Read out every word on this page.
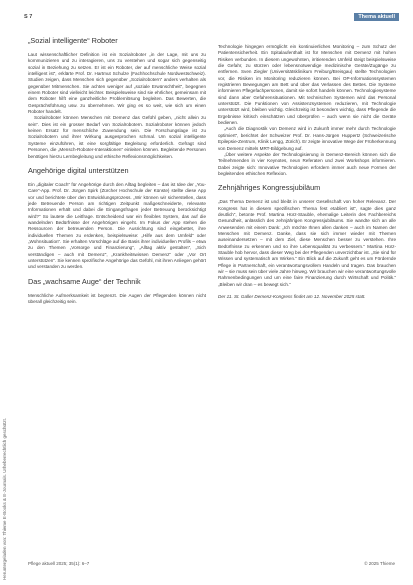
Heruntergeladen von: Thieme E-Books & E-Journals. Urheberrechtlich geschützt.
S 7	Thema aktuell
„Sozial intelligente“ Roboter

Laut wissenschaftlicher Definition ist ein Sozialroboter „in der Lage, mit uns zu kommunizieren und zu interagieren, uns zu verstehen und sogar sich gegenseitig sozial in Beziehung zu setzen. Er ist ein Roboter, der auf menschliche Weise sozial intelligent ist“, erklärte Prof. Dr. Hartmut Schulze (Fachhochschule Nordwestschweiz). Studien zeigen, dass Menschen sich gegenüber „Sozialrobotern“ anders verhalten als gegenüber Mitmenschen. Sie achten weniger auf „soziale Erwünschtheit“, begegnen einem Roboter sind vielleicht leichter. Beispielsweise sind sie ehrlicher, gemeinsam mit dem Roboter hilft eine ganzheitliche Problemlösung begleiten. Das Bewerten, die Gesprächsführung usw. zu übernehmen. Wir ging es so weit, wie sich um einen Roboter handelt.

Sozialroboter können Menschen mit Demenz das Gefühl geben, „nicht allein zu sein“. Dies ist ein grosser Bedarf von Sozialrobotern. Sozialroboter können jedoch keinen Ersatz für menschliche Zuwendung sein. Die Forschungslage ist zu Sozialrobotern und ihrer Wirkung ausgesprochen schmal. Um sozial intelligente Systeme einzuführen, ist eine sorgfältige Begleitung erforderlich. Gefragt sind Personen, die „Mensch-Roboter-Interaktionen“ einleiten können. Begleitende Personen benötigen hierzu Lernbegleitung und ethische Reflexionsmöglichkeiten.

Angehörige digital unterstützen

Ein „digitaler Coach“ für Angehörige durch den Alltag begleiten – das ist Idee der „You-Care“-App. Prof. Dr. Jürgen Spirk (Zürcher Hochschule der Künste) stellte diese App vor und berichtete über den Entwicklungsprozess. „Wir können wir sicherstellen, dass jede Betreuende Person am richtigen Zeitpunkt maßgeschneiderte, relevante Informationen erhält und dabei die Eingangsfragen jeder Betreuung berücksichtigt wird?“ So lautete die Leitfrage. Entscheidend war ein flexibles System, das auf die wandelnden Bedürfnisse der Angehörigen eingeht. Im Fokus der App stehen die Ressourcen der betreuenden Person. Die Ausrichtung sind eingebettet, ihre individuellen Themen zu erdenken, beispielsweise: „Hilfe aus dem Umfeld“ oder „Wohnsituation“. Sie erhalten Vorschläge auf die Basis ihrer individuellen Profils – etwa zu den Themen „Vorsorge und Finanzierung“, „Alltag aktiv gestalten“, „Sich verständigen – auch mit Demenz“, „Krankheitswissen Demenz“ oder „Vor Ort unterstützen“. Sie kennen spezifische Angehörige das Gefühl, mit ihren Anliegen gehört und verstanden zu werden.

Das „wachsame Auge“ der Technik

Menschliche Aufmerksamkeit ist begrenzt. Die Augen der Pflegenden können nicht überall gleichzeitig sein.

Technologie hingegen ermöglicht ein kontinuierliches Monitoring – zum Schutz der Patientensicherheit. Ein Spitalaufenthalt ist für Menschen mit Demenz mit hohen Risiken verbunden. In diesem ungewohnten, irritierenden Umfeld steigt beispielsweise die Gefahr, zu stürzen oder lebensnotwendige medizinische Geräte/Zugänge zu entfernen. Sven Ziegler (Universitätsklinikum Freiburg/Breisgau) stellte Technologien vor, die Risiken im Monitoring reduzieren können. Bei OP-Informationssystemen registrieren Bewegungen am Bett und über das Verlassen des Bettes. Die Systeme informieren Pflegefachpersonen, damit sie sofort handeln können. Technologiesysteme sind dann aber Gefahrensituationen. Mit technischen Systemen wird das Personal unterstützt. Die Funktionen von Assistenzsystemen reduzieren, mit Technologie unterstützt wird, bleiben wichtig. Gleichzeitig ist besonders wichtig, dass Pflegende die Ergebnisse kritisch einschätzen und überprüfen – auch wenn sie nicht die Geräte bedienen.

„Auch die Diagnostik von Demenz wird in Zukunft immer mehr durch Technologie optimiert“, berichtet der Schweizer Prof. Dr. Hans-Jürgen Huppertz (Schweizerische Epilepsie-Zentrum, Klinik Lengg, Zürich). Er zeigte innovative Wege der Früherkennung von Demenz mittels MRT-Bildgebung auf.

„Über weitere Aspekte der Technologisierung in Demenz-Bereich können sich die Teilnehmenden in vier Keynotes, neun Referaten und zwei Workshops informieren. Dabei zeigte sich: Innovative Technologien erfordern immer auch neue Formen der begleitenden ethischen Reflexion.

Zehnjähriges Kongressjubiläum

„Das Thema Demenz ist und bleibt in unserer Gesellschaft von hoher Relevanz. Der Kongress hat in diesem spezifischen Thema fest etabliert ist“, sagte dies ganz deutlich“, betonte Prof. Martina Hürz-Stauble, ehemalige Leiterin des Fachbereichs Gesundheit, anlässlich des zehnjährigen Kongressjubiläums. Sie wandte sich an alle Anwesenden mit einem Dank: „Ich möchte Ihnen allen danken – auch im Namen der Menschen mit Demenz. Danke, dass sie sich immer wieder mit Themen auseinandersetzen – mit dem Ziel, diese Menschen besser zu verstehen. Ihre Bedürfnisse zu erkennen und so ihre Lebensqualität zu verbessern.“ Martina Hürz-Stauble hob hervor, dass dieser Weg bei der Pflegenden unverzichtbar ist. „Sie sind für Wissen und systematisch am Wirken.“ Ein Blick auf die Zukunft geht es um Fördernde Pflege in Partnerschaft, ein verantwortungsvollem Handeln und tragen. Das brauchen wir – sie muss sein über viele Jahre hinweg. Wir brauchen wir eine verantwortungsvolle Rahmenbedingungen und um eine faire Finanzierung durch Wirtschaft und Politik.“ „Bleiben wir dran – es bewegt sich.“

Der 11. St. Galler Demenz-Kongress findet am 12. November 2025 statt.

Pflege aktuell 2025; 35(1): 6–7	© 2025 Thieme
